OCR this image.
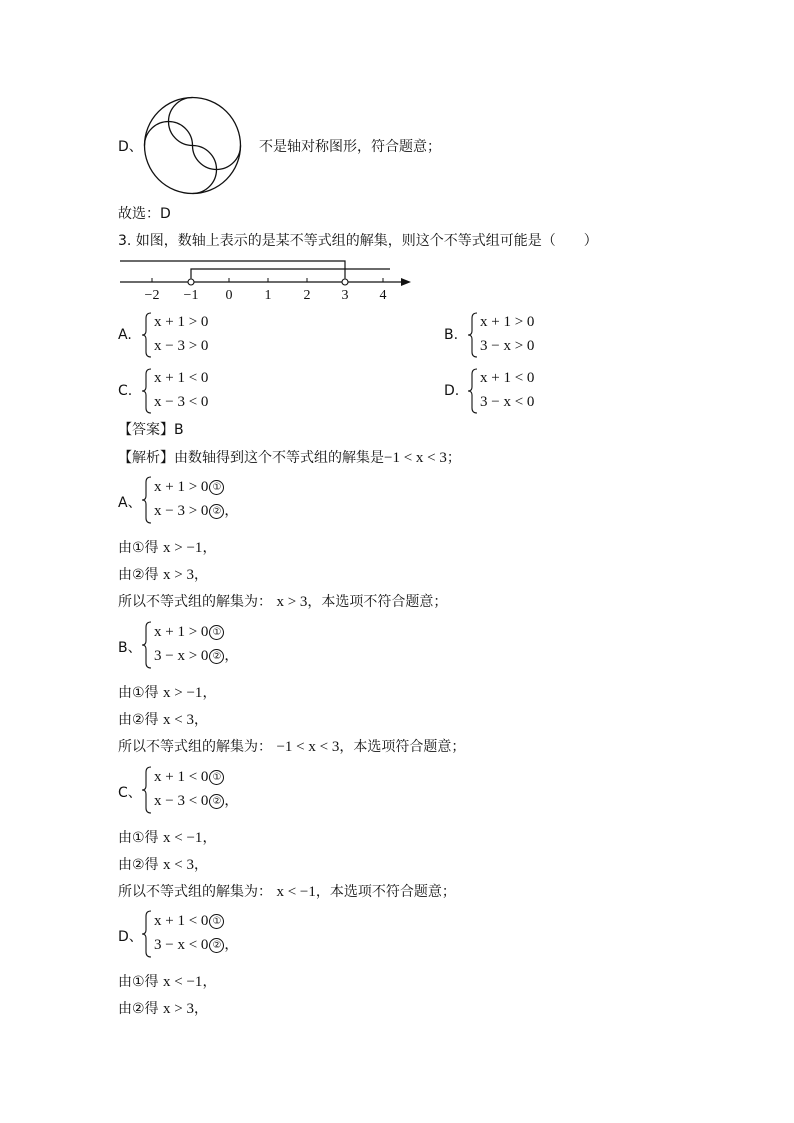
D、	不是轴对称图形，符合题意；
故选：D
3. 如图，数轴上表示的是某不等式组的解集，则这个不等式组可能是（　　）
−2 −1 0 1 2 3 4
A.
x + 1 > 0
x − 3 > 0
B.
x + 1 > 0
3 − x > 0
C.
x + 1 < 0
x − 3 < 0
D.
x + 1 < 0
3 − x < 0
【答案】B
【解析】由数轴得到这个不等式组的解集是−1 < x < 3；
A、
x + 1 > 0 ①
x − 3 > 0 ② ，
由①得 x > −1，
由②得 x > 3，
所以不等式组的解集为： x > 3，本选项不符合题意；
B、
x + 1 > 0 ①
3 − x > 0 ② ，
由①得 x > −1，
由②得 x < 3，
所以不等式组的解集为： −1 < x < 3，本选项符合题意；
C、
x + 1 < 0 ①
x − 3 < 0 ② ，
由①得 x < −1，
由②得 x < 3，
所以不等式组的解集为： x < −1，本选项不符合题意；
D、
x + 1 < 0 ①
3 − x < 0 ② ，
由①得 x < −1，
由②得 x > 3，
